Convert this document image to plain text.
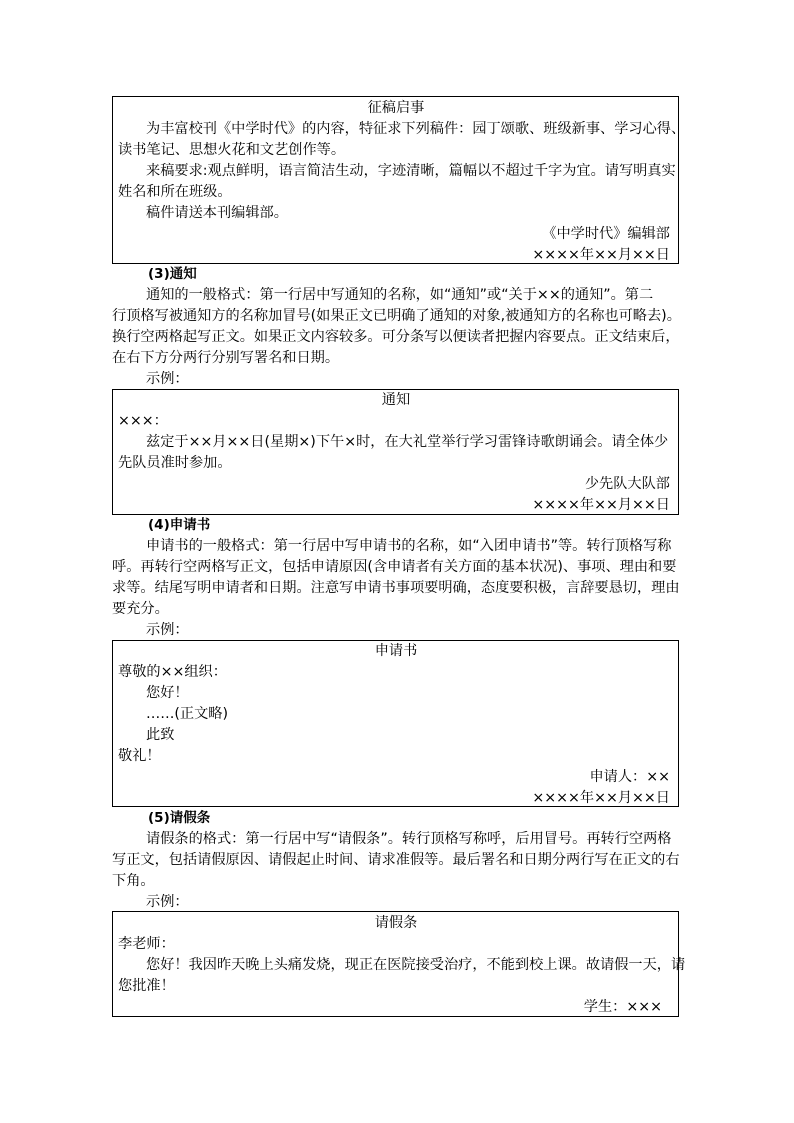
征稿启事
为丰富校刊《中学时代》的内容，特征求下列稿件：园丁颂歌、班级新事、学习心得、
读书笔记、思想火花和文艺创作等。
来稿要求:观点鲜明，语言简洁生动，字迹清晰，篇幅以不超过千字为宜。请写明真实
姓名和所在班级。
稿件请送本刊编辑部。
《中学时代》编辑部
××××年××月××日
(3)通知
通知的一般格式：第一行居中写通知的名称，如“通知”或“关于××的通知”。第二
行顶格写被通知方的名称加冒号(如果正文已明确了通知的对象,被通知方的名称也可略去)。
换行空两格起写正文。如果正文内容较多。可分条写以便读者把握内容要点。正文结束后，
在右下方分两行分别写署名和日期。
示例：
通知
×××：
兹定于××月××日(星期×)下午×时，在大礼堂举行学习雷锋诗歌朗诵会。请全体少
先队员准时参加。
少先队大队部
××××年××月××日
(4)申请书
申请书的一般格式：第一行居中写申请书的名称，如“入团申请书”等。转行顶格写称
呼。再转行空两格写正文，包括申请原因(含申请者有关方面的基本状况)、事项、理由和要
求等。结尾写明申请者和日期。注意写申请书事项要明确，态度要积极，言辞要恳切，理由
要充分。
示例：
申请书
尊敬的××组织：
您好！
……(正文略)
此致
敬礼！
申请人：××
××××年××月××日
(5)请假条
请假条的格式：第一行居中写“请假条”。转行顶格写称呼，后用冒号。再转行空两格
写正文，包括请假原因、请假起止时间、请求准假等。最后署名和日期分两行写在正文的右
下角。
示例：
请假条
李老师：
您好！我因昨天晚上头痛发烧，现正在医院接受治疗，不能到校上课。故请假一天，请
您批准！
学生：×××
